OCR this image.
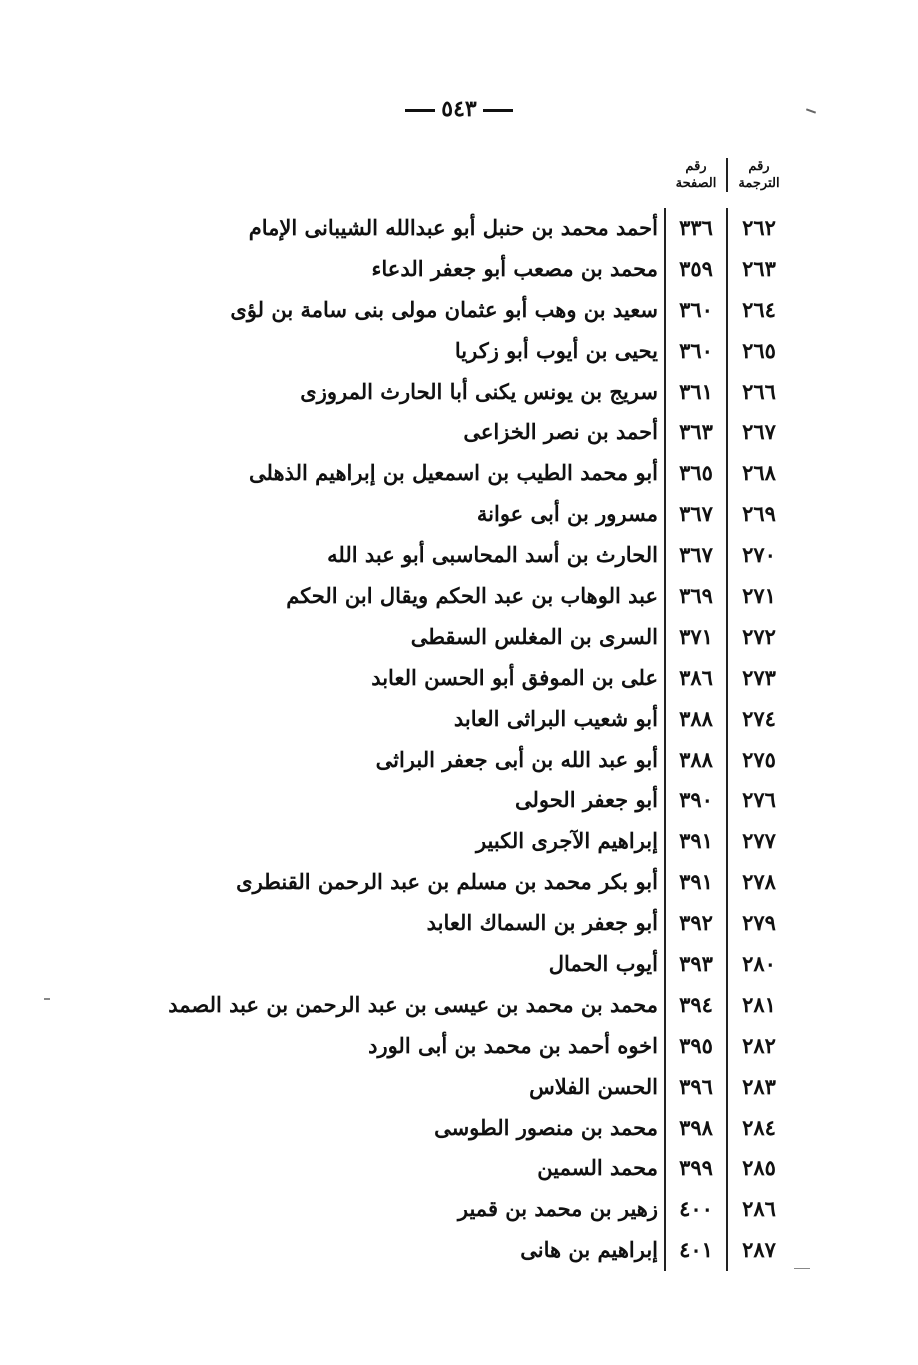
٥٤٣
رقم الترجمة
رقم الصفحة
٢٦٢
٣٣٦
أحمد محمد بن حنبل أبو عبدالله الشيبانى الإمام
٢٦٣
٣٥٩
محمد بن مصعب أبو جعفر الدعاء
٢٦٤
٣٦٠
سعيد بن وهب أبو عثمان مولى بنى سامة بن لؤى
٢٦٥
٣٦٠
يحيى بن أيوب أبو زكريا
٢٦٦
٣٦١
سريج بن يونس يكنى أبا الحارث المروزى
٢٦٧
٣٦٣
أحمد بن نصر الخزاعى
٢٦٨
٣٦٥
أبو محمد الطيب بن اسمعيل بن إبراهيم الذهلى
٢٦٩
٣٦٧
مسرور بن أبى عوانة
٢٧٠
٣٦٧
الحارث بن أسد المحاسبى أبو عبد الله
٢٧١
٣٦٩
عبد الوهاب بن عبد الحكم ويقال ابن الحكم
٢٧٢
٣٧١
السرى بن المغلس السقطى
٢٧٣
٣٨٦
على بن الموفق أبو الحسن العابد
٢٧٤
٣٨٨
أبو شعيب البراثى العابد
٢٧٥
٣٨٨
أبو عبد الله بن أبى جعفر البراثى
٢٧٦
٣٩٠
أبو جعفر الحولى
٢٧٧
٣٩١
إبراهيم الآجرى الكبير
٢٧٨
٣٩١
أبو بكر محمد بن مسلم بن عبد الرحمن القنطرى
٢٧٩
٣٩٢
أبو جعفر بن السماك العابد
٢٨٠
٣٩٣
أيوب الحمال
٢٨١
٣٩٤
محمد بن محمد بن عيسى بن عبد الرحمن بن عبد الصمد
٢٨٢
٣٩٥
اخوه أحمد بن محمد بن أبى الورد
٢٨٣
٣٩٦
الحسن الفلاس
٢٨٤
٣٩٨
محمد بن منصور الطوسى
٢٨٥
٣٩٩
محمد السمين
٢٨٦
٤٠٠
زهير بن محمد بن قمير
٢٨٧
٤٠١
إبراهيم بن هانى
